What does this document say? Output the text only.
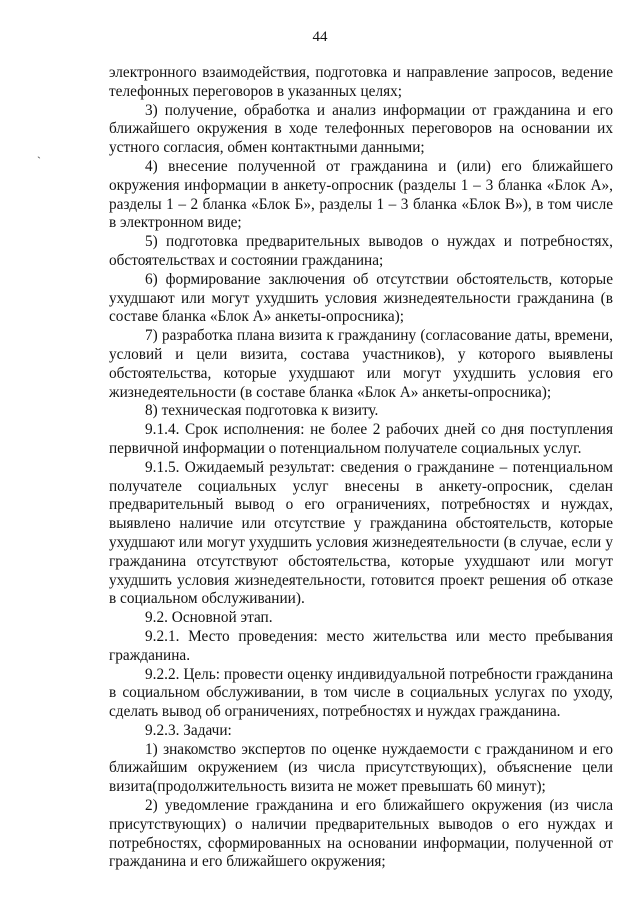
44
`

электронного взаимодействия, подготовка и направление запросов, ведение телефонных переговоров в указанных целях;

3) получение, обработка и анализ информации от гражданина и его ближайшего окружения в ходе телефонных переговоров на основании их устного согласия, обмен контактными данными;

4) внесение полученной от гражданина и (или) его ближайшего окружения информации в анкету-опросник (разделы 1 – 3 бланка «Блок А», разделы 1 – 2 бланка «Блок Б», разделы 1 – 3 бланка «Блок В»), в том числе в электронном виде;

5) подготовка предварительных выводов о нуждах и потребностях, обстоятельствах и состоянии гражданина;

6) формирование заключения об отсутствии обстоятельств, которые ухудшают или могут ухудшить условия жизнедеятельности гражданина (в составе бланка «Блок А» анкеты-опросника);

7) разработка плана визита к гражданину (согласование даты, времени, условий и цели визита, состава участников), у которого выявлены обстоятельства, которые ухудшают или могут ухудшить условия его жизнедеятельности (в составе бланка «Блок А» анкеты-опросника);

8) техническая подготовка к визиту.

9.1.4. Срок исполнения: не более 2 рабочих дней со дня поступления первичной информации о потенциальном получателе социальных услуг.

9.1.5. Ожидаемый результат: сведения о гражданине – потенциальном получателе социальных услуг внесены в анкету-опросник, сделан предварительный вывод о его ограничениях, потребностях и нуждах, выявлено наличие или отсутствие у гражданина обстоятельств, которые ухудшают или могут ухудшить условия жизнедеятельности (в случае, если у гражданина отсутствуют обстоятельства, которые ухудшают или могут ухудшить условия жизнедеятельности, готовится проект решения об отказе в социальном обслуживании).

9.2. Основной этап.

9.2.1. Место проведения: место жительства или место пребывания гражданина.

9.2.2. Цель: провести оценку индивидуальной потребности гражданина в социальном обслуживании, в том числе в социальных услугах по уходу, сделать вывод об ограничениях, потребностях и нуждах гражданина.

9.2.3. Задачи:

1) знакомство экспертов по оценке нуждаемости с гражданином и его ближайшим окружением (из числа присутствующих), объяснение цели визита(продолжительность визита не может превышать 60 минут);

2) уведомление гражданина и его ближайшего окружения (из числа присутствующих) о наличии предварительных выводов о его нуждах и потребностях, сформированных на основании информации, полученной от гражданина и его ближайшего окружения;
